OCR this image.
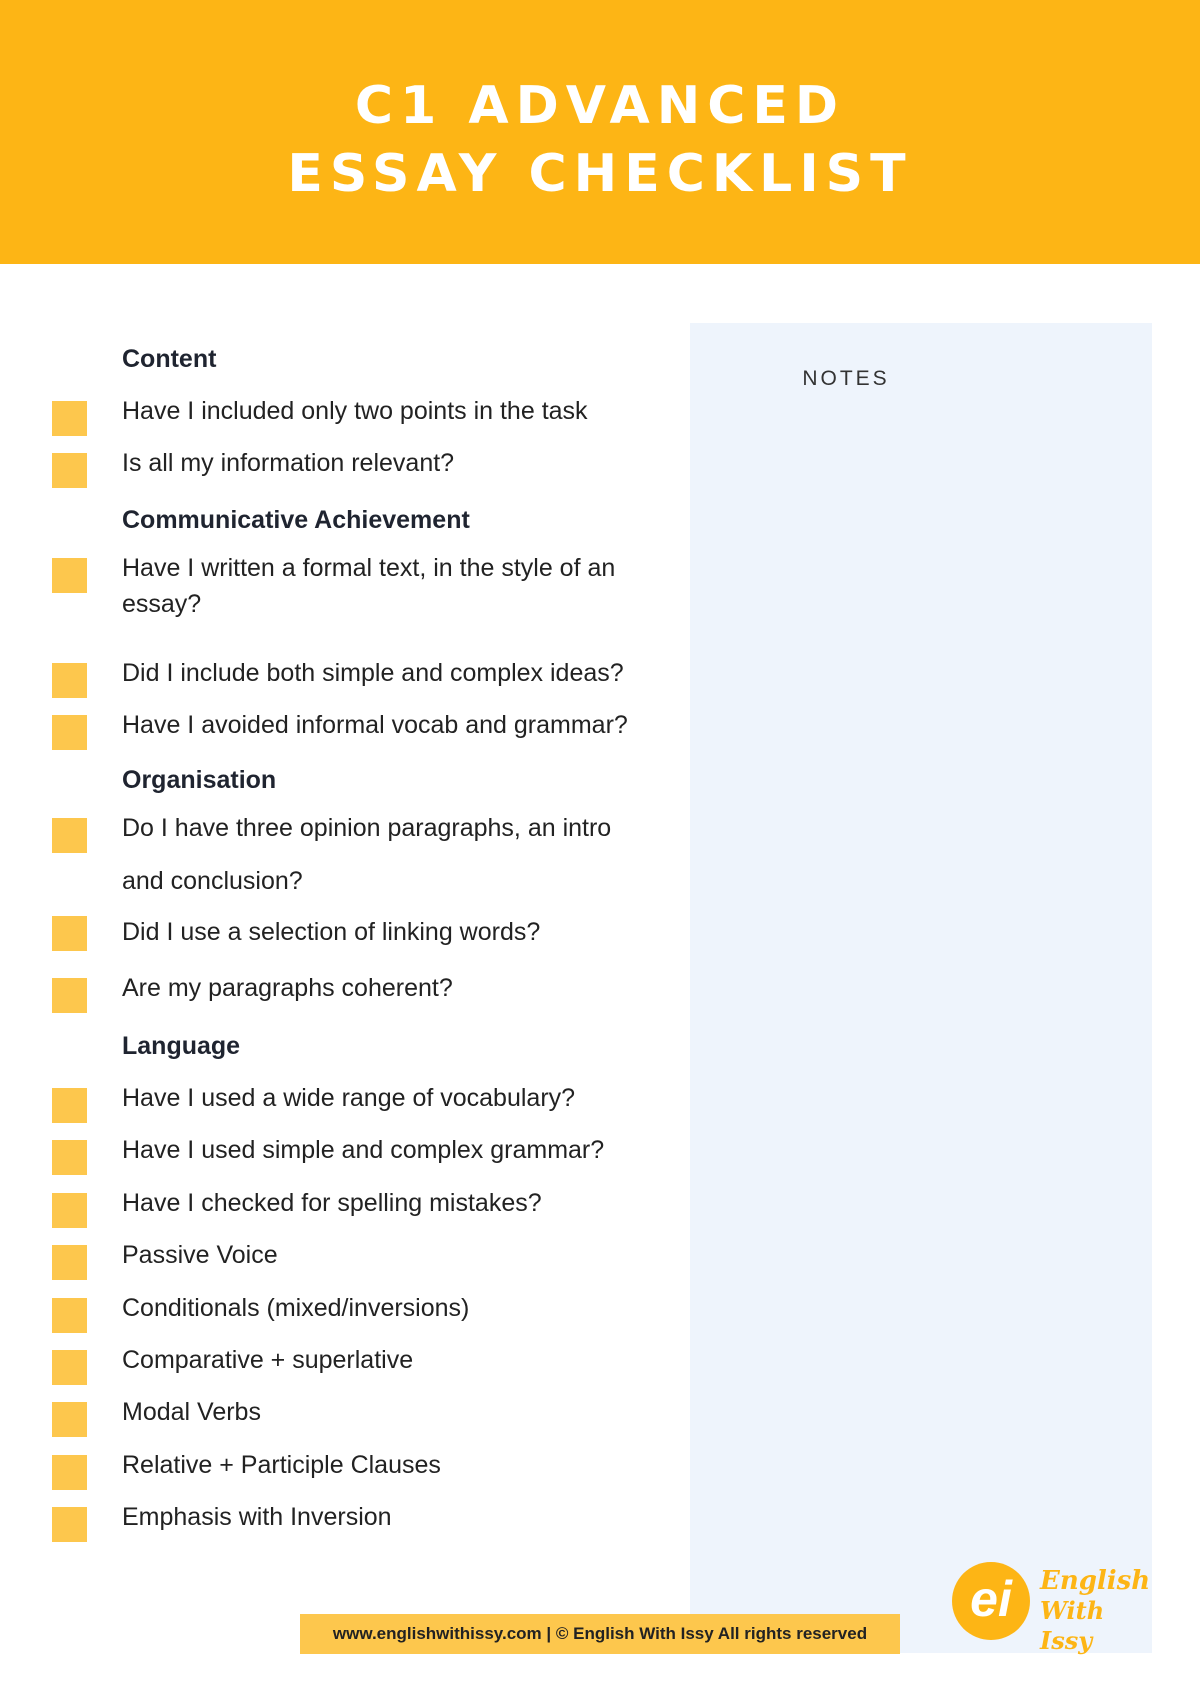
C1 ADVANCED
ESSAY CHECKLIST
NOTES
Content
Have I included only two points in the task
Is all my information relevant?
Communicative Achievement
Have I written a formal text, in the style of an essay?
Did I include both simple and complex ideas?
Have I avoided informal vocab and grammar?
Organisation
Do I have three opinion paragraphs, an intro
and conclusion?
Did I use a selection of linking words?
Are my paragraphs coherent?
Language
Have I used a wide range of vocabulary?
Have I used simple and complex grammar?
Have I checked for spelling mistakes?
Passive Voice
Conditionals (mixed/inversions)
Comparative + superlative
Modal Verbs
Relative + Participle Clauses
Emphasis with Inversion
www.englishwithissy.com | © English With Issy All rights reserved
ei	English
With Issy
